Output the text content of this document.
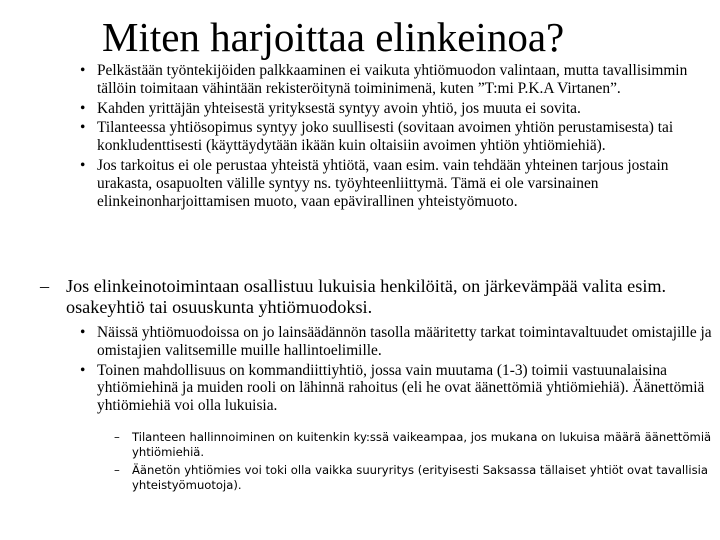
Miten harjoittaa elinkeinoa?
• Pelkästään työntekijöiden palkkaaminen ei vaikuta yhtiömuodon valintaan, mutta tavallisimmin tällöin toimitaan vähintään rekisteröitynä toiminimenä, kuten ”T:mi P.K.A Virtanen”.
• Kahden yrittäjän yhteisestä yrityksestä syntyy avoin yhtiö, jos muuta ei sovita.
• Tilanteessa yhtiösopimus syntyy joko suullisesti (sovitaan avoimen yhtiön perustamisesta) tai konkludenttisesti (käyttäydytään ikään kuin oltaisiin avoimen yhtiön yhtiömiehiä).
• Jos tarkoitus ei ole perustaa yhteistä yhtiötä, vaan esim. vain tehdään yhteinen tarjous jostain urakasta, osapuolten välille syntyy ns. työyhteenliittymä. Tämä ei ole varsinainen elinkeinonharjoittamisen muoto, vaan epävirallinen yhteistyömuoto.
– Jos elinkeinotoimintaan osallistuu lukuisia henkilöitä, on järkevämpää valita esim. osakeyhtiö tai osuuskunta yhtiömuodoksi.
• Näissä yhtiömuodoissa on jo lainsäädännön tasolla määritetty tarkat toimintavaltuudet omistajille ja omistajien valitsemille muille hallintoelimille.
• Toinen mahdollisuus on kommandiittiyhtiö, jossa vain muutama (1-3) toimii vastuunalaisina yhtiömiehinä ja muiden rooli on lähinnä rahoitus (eli he ovat äänettömiä yhtiömiehiä). Äänettömiä yhtiömiehiä voi olla lukuisia.
– Tilanteen hallinnoiminen on kuitenkin ky:ssä vaikeampaa, jos mukana on lukuisa määrä äänettömiä yhtiömiehiä.
– Äänetön yhtiömies voi toki olla vaikka suuryritys (erityisesti Saksassa tällaiset yhtiöt ovat tavallisia yhteistyömuotoja).
